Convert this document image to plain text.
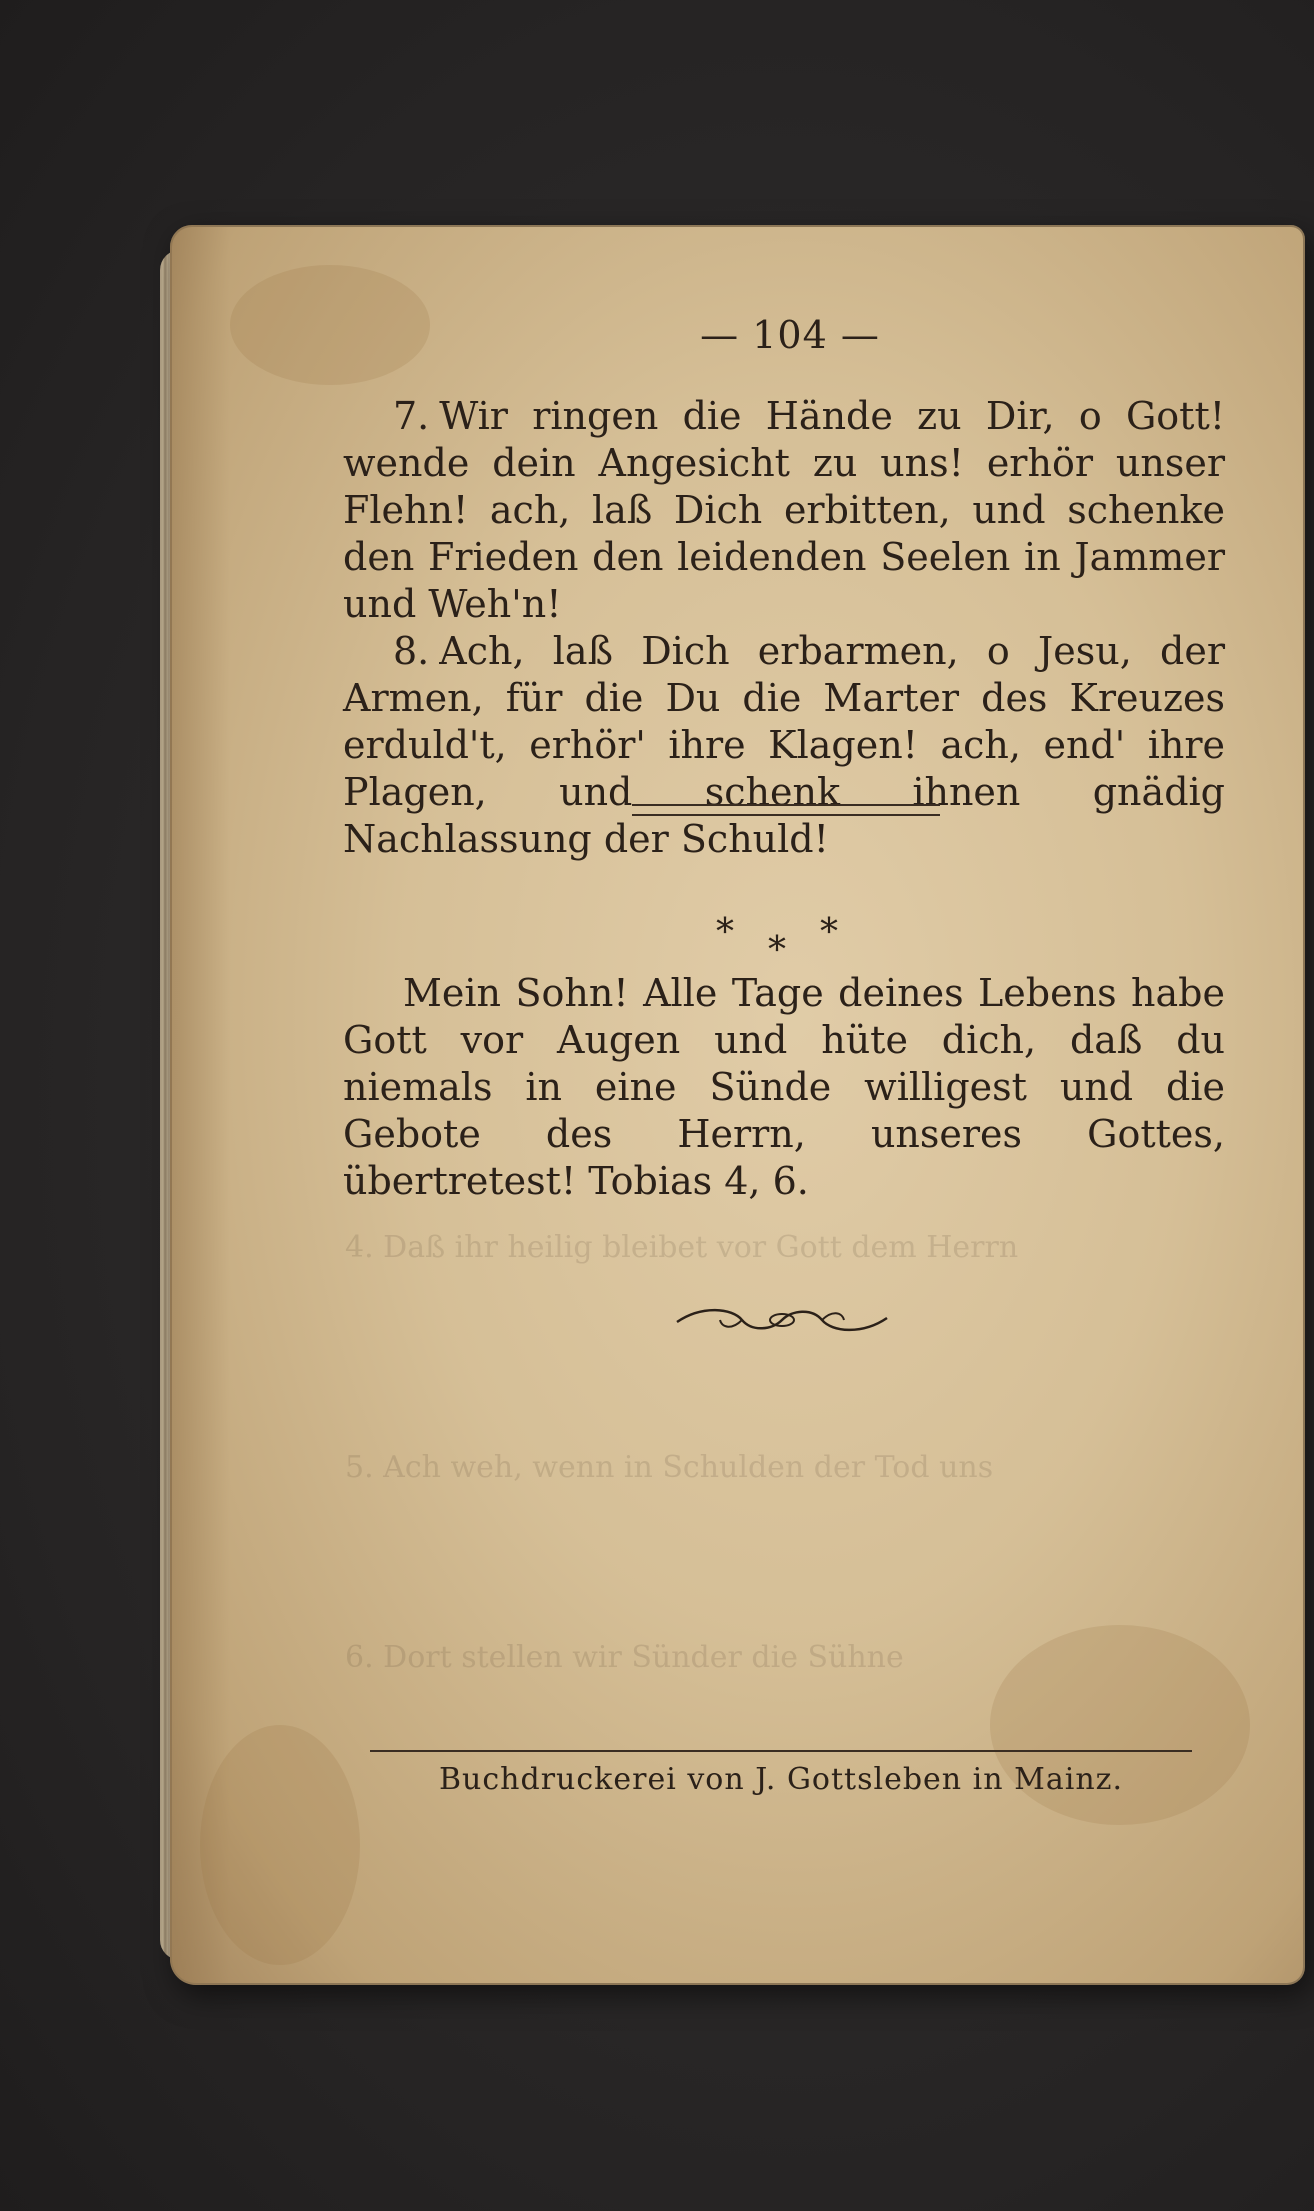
4. Daß ihr heilig bleibet vor Gott dem Herrn
5. Ach weh, wenn in Schulden der Tod uns
6. Dort stellen wir Sünder die Sühne
— 104 —

7. Wir ringen die Hände zu Dir, o Gott! wende dein Angesicht zu uns! erhör unser Flehn! ach, laß Dich erbitten, und schenke den Frieden den leidenden Seelen in Jammer und Weh'n!

8. Ach, laß Dich erbarmen, o Jesu, der Armen, für die Du die Marter des Kreuzes erduld't, erhör' ihre Klagen! ach, end' ihre Plagen, und schenk ihnen gnädig Nachlassung der Schuld!

* * *

Mein Sohn! Alle Tage deines Lebens habe Gott vor Augen und hüte dich, daß du niemals in eine Sünde willigest und die Gebote des Herrn, unseres Gottes, übertretest! Tobias 4, 6.

Buchdruckerei von J. Gottsleben in Mainz.
